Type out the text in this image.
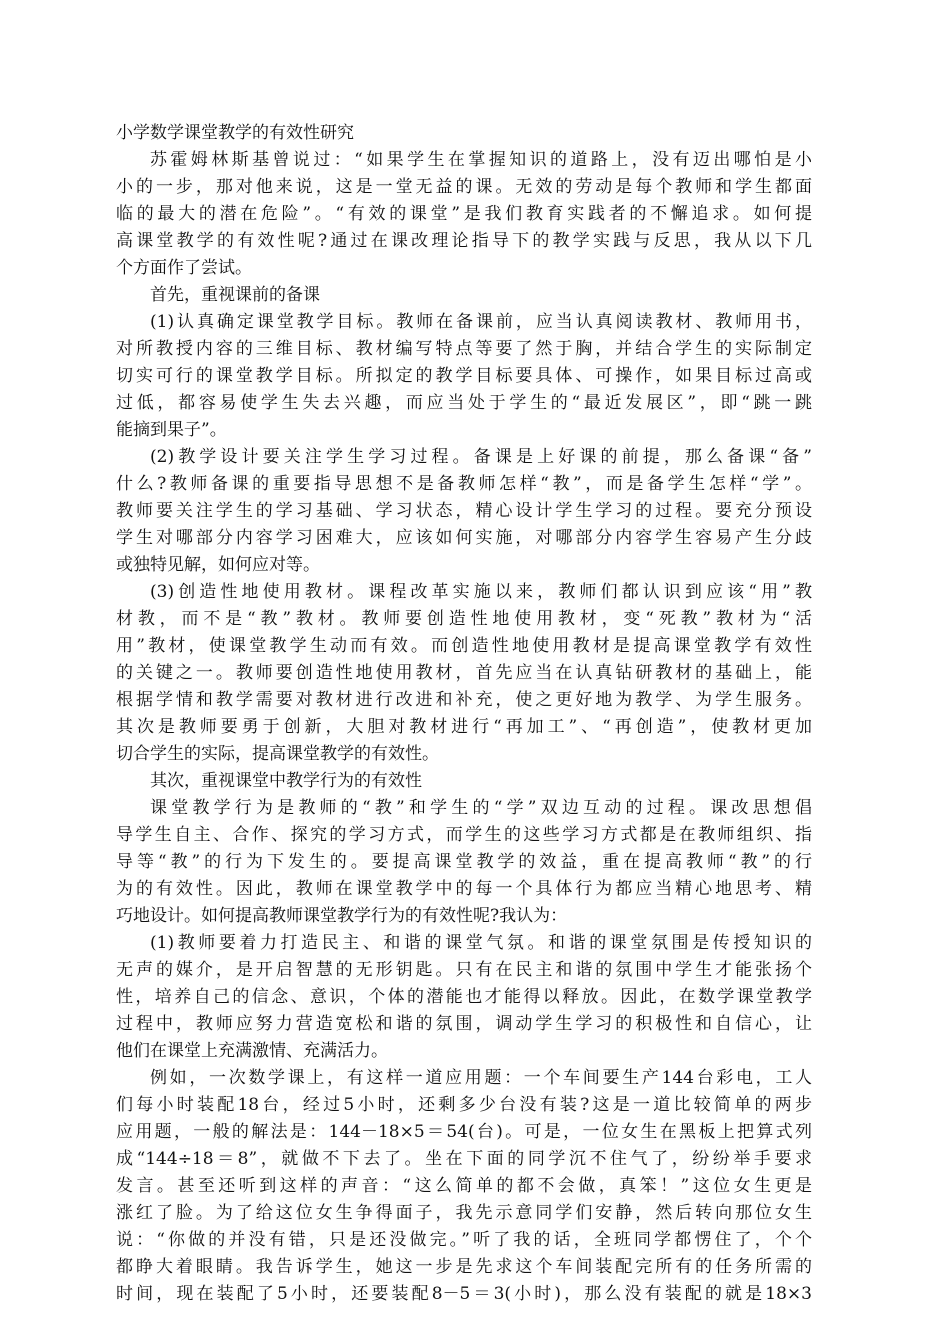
小学数学课堂教学的有效性研究
苏霍姆林斯基曾说过：“如果学生在掌握知识的道路上，没有迈出哪怕是小
小的一步，那对他来说，这是一堂无益的课。无效的劳动是每个教师和学生都面
临的最大的潜在危险”。“有效的课堂”是我们教育实践者的不懈追求。如何提
高课堂教学的有效性呢?通过在课改理论指导下的教学实践与反思，我从以下几
个方面作了尝试。
首先，重视课前的备课
(1)认真确定课堂教学目标。教师在备课前，应当认真阅读教材、教师用书，
对所教授内容的三维目标、教材编写特点等要了然于胸，并结合学生的实际制定
切实可行的课堂教学目标。所拟定的教学目标要具体、可操作，如果目标过高或
过低，都容易使学生失去兴趣，而应当处于学生的“最近发展区”，即“跳一跳
能摘到果子”。
(2)教学设计要关注学生学习过程。备课是上好课的前提，那么备课“备”
什么?教师备课的重要指导思想不是备教师怎样“教”，而是备学生怎样“学”。
教师要关注学生的学习基础、学习状态，精心设计学生学习的过程。要充分预设
学生对哪部分内容学习困难大，应该如何实施，对哪部分内容学生容易产生分歧
或独特见解，如何应对等。
(3)创造性地使用教材。课程改革实施以来，教师们都认识到应该“用”教
材教，而不是“教”教材。教师要创造性地使用教材，变“死教”教材为“活
用”教材，使课堂教学生动而有效。而创造性地使用教材是提高课堂教学有效性
的关键之一。教师要创造性地使用教材，首先应当在认真钻研教材的基础上，能
根据学情和教学需要对教材进行改进和补充，使之更好地为教学、为学生服务。
其次是教师要勇于创新，大胆对教材进行“再加工”、“再创造”，使教材更加
切合学生的实际，提高课堂教学的有效性。
其次，重视课堂中教学行为的有效性
课堂教学行为是教师的“教”和学生的“学”双边互动的过程。课改思想倡
导学生自主、合作、探究的学习方式，而学生的这些学习方式都是在教师组织、指
导等“教”的行为下发生的。要提高课堂教学的效益，重在提高教师“教”的行
为的有效性。因此，教师在课堂教学中的每一个具体行为都应当精心地思考、精
巧地设计。如何提高教师课堂教学行为的有效性呢?我认为：
(1)教师要着力打造民主、和谐的课堂气氛。和谐的课堂氛围是传授知识的
无声的媒介，是开启智慧的无形钥匙。只有在民主和谐的氛围中学生才能张扬个
性，培养自己的信念、意识，个体的潜能也才能得以释放。因此，在数学课堂教学
过程中，教师应努力营造宽松和谐的氛围，调动学生学习的积极性和自信心，让
他们在课堂上充满激情、充满活力。
例如，一次数学课上，有这样一道应用题：一个车间要生产144台彩电，工人
们每小时装配18台，经过5小时，还剩多少台没有装?这是一道比较简单的两步
应用题，一般的解法是：144－18×5＝54(台)。可是，一位女生在黑板上把算式列
成“144÷18＝8”，就做不下去了。坐在下面的同学沉不住气了，纷纷举手要求
发言。甚至还听到这样的声音：“这么简单的都不会做，真笨！”这位女生更是
涨红了脸。为了给这位女生争得面子，我先示意同学们安静，然后转向那位女生
说：“你做的并没有错，只是还没做完。”听了我的话，全班同学都愣住了，个个
都睁大着眼睛。我告诉学生，她这一步是先求这个车间装配完所有的任务所需的
时间，现在装配了5小时，还要装配8－5＝3(小时)，那么没有装配的就是18×3
